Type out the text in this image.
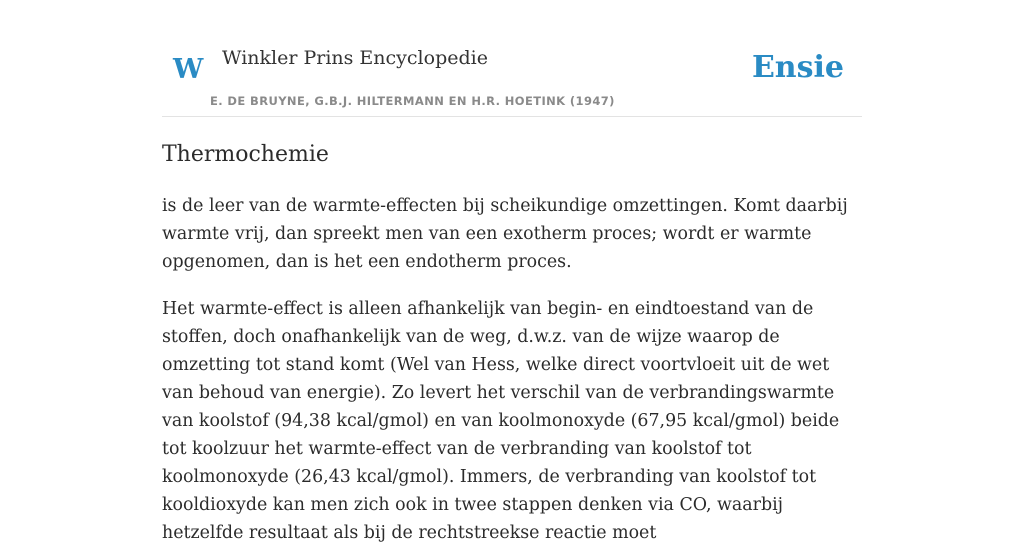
W Winkler Prins Encyclopedie
E. DE BRUYNE, G.B.J. HILTERMANN EN H.R. HOETINK (1947)
Ensie
Thermochemie

is de leer van de warmte-effecten bij scheikundige omzettingen. Komt daarbij warmte vrij, dan spreekt men van een exotherm proces; wordt er warmte opgenomen, dan is het een endotherm proces.

Het warmte-effect is alleen afhankelijk van begin- en eindtoestand van de stoffen, doch onafhankelijk van de weg, d.w.z. van de wijze waarop de omzetting tot stand komt (Wel van Hess, welke direct voortvloeit uit de wet van behoud van energie). Zo levert het verschil van de verbrandingswarmte van koolstof (94,38 kcal/gmol) en van koolmonoxyde (67,95 kcal/gmol) beide tot koolzuur het warmte-effect van de verbranding van koolstof tot koolmonoxyde (26,43 kcal/gmol). Immers, de verbranding van koolstof tot kooldioxyde kan men zich ook in twee stappen denken via CO, waarbij hetzelfde resultaat als bij de rechtstreekse reactie moet
